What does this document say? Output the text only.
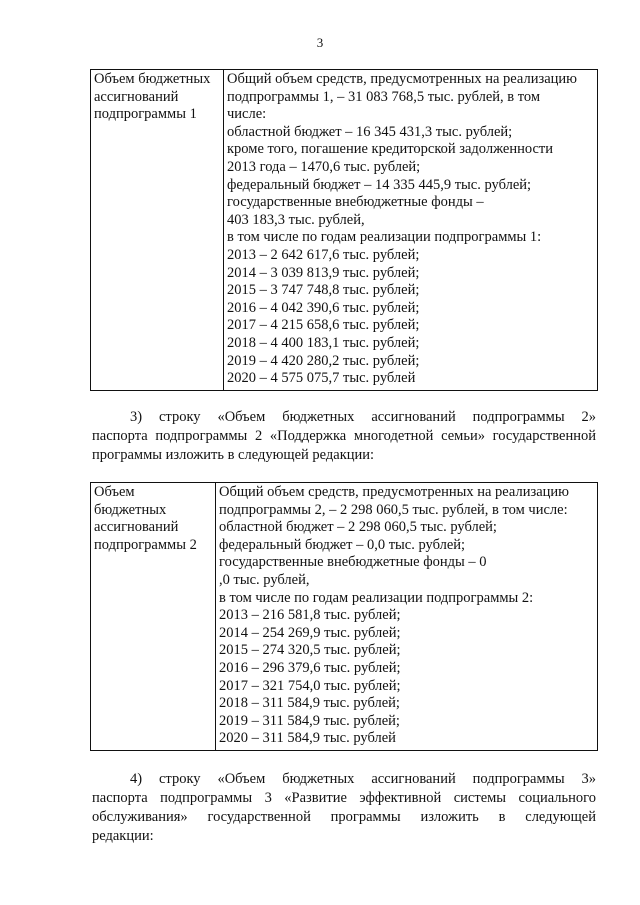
3
Объем бюджетных
ассигнований
подпрограммы 1

Общий объем средств, предусмотренных на реализацию
подпрограммы 1, – 31 083 768,5 тыс. рублей, в том
числе:
областной бюджет – 16 345 431,3 тыс. рублей;
кроме того, погашение кредиторской задолженности
2013 года – 1470,6 тыс. рублей;
федеральный бюджет – 14 335 445,9 тыс. рублей;
государственные внебюджетные фонды –
403 183,3 тыс. рублей,
в том числе по годам реализации подпрограммы 1:
2013 – 2 642 617,6 тыс. рублей;
2014 – 3 039 813,9 тыс. рублей;
2015 – 3 747 748,8 тыс. рублей;
2016 – 4 042 390,6 тыс. рублей;
2017 – 4 215 658,6 тыс. рублей;
2018 – 4 400 183,1 тыс. рублей;
2019 – 4 420 280,2 тыс. рублей;
2020 – 4 575 075,7 тыс. рублей
3) строку «Объем бюджетных ассигнований подпрограммы 2»
паспорта подпрограммы 2 «Поддержка многодетной семьи» государственной
программы изложить в следующей редакции:
Объем
бюджетных
ассигнований
подпрограммы 2

Общий объем средств, предусмотренных на реализацию
подпрограммы 2, – 2 298 060,5 тыс. рублей, в том числе:
областной бюджет – 2 298 060,5 тыс. рублей;
федеральный бюджет – 0,0 тыс. рублей;
государственные внебюджетные фонды – 0
,0 тыс. рублей,
в том числе по годам реализации подпрограммы 2:
2013 – 216 581,8 тыс. рублей;
2014 – 254 269,9 тыс. рублей;
2015 – 274 320,5 тыс. рублей;
2016 – 296 379,6 тыс. рублей;
2017 – 321 754,0 тыс. рублей;
2018 – 311 584,9 тыс. рублей;
2019 – 311 584,9 тыс. рублей;
2020 – 311 584,9 тыс. рублей
4) строку «Объем бюджетных ассигнований подпрограммы 3»
паспорта подпрограммы 3 «Развитие эффективной системы социального
обслуживания» государственной программы изложить в следующей
редакции:
